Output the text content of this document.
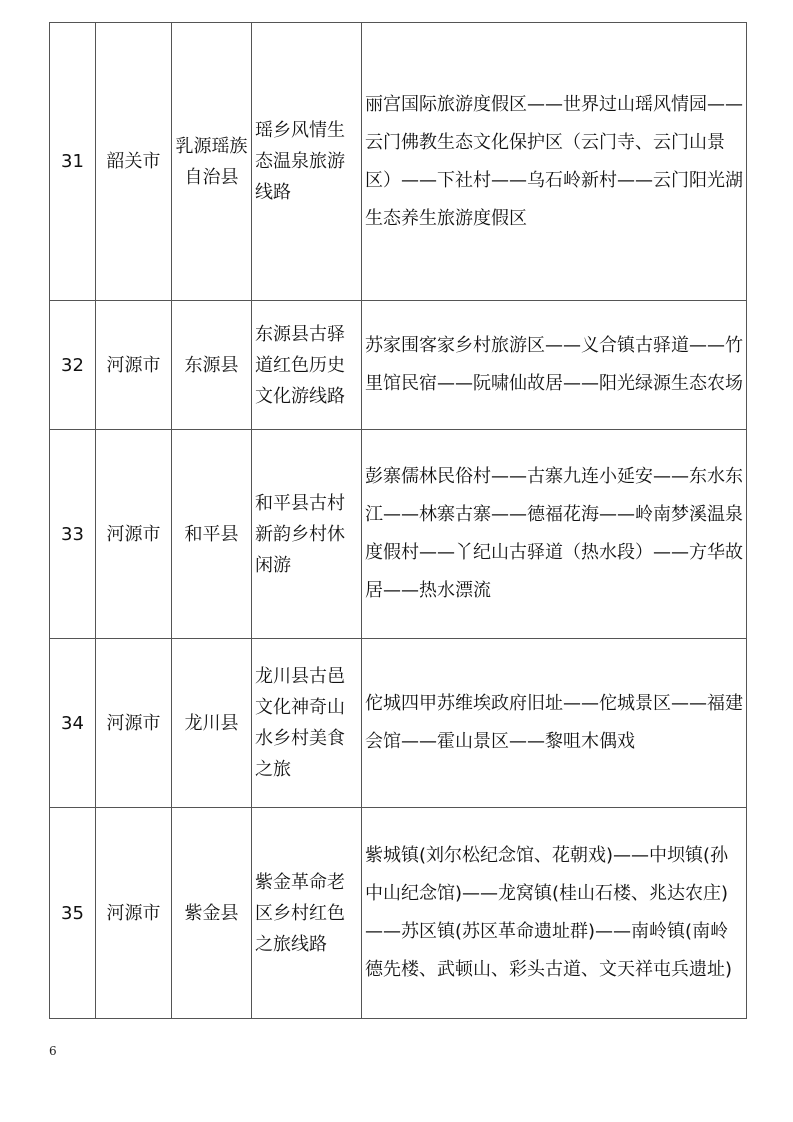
31	韶关市	乳源瑶族自治县	瑶乡风情生态温泉旅游线路	丽宫国际旅游度假区——世界过山瑶风情园——云门佛教生态文化保护区（云门寺、云门山景区）——下社村——乌石岭新村——云门阳光湖生态养生旅游度假区
32	河源市	东源县	东源县古驿道红色历史文化游线路	苏家围客家乡村旅游区——义合镇古驿道——竹里馆民宿——阮啸仙故居——阳光绿源生态农场
33	河源市	和平县	和平县古村新韵乡村休闲游	彭寨儒林民俗村——古寨九连小延安——东水东江——林寨古寨——德福花海——岭南梦溪温泉度假村——丫纪山古驿道（热水段）——方华故居——热水漂流
34	河源市	龙川县	龙川县古邑文化神奇山水乡村美食之旅	佗城四甲苏维埃政府旧址——佗城景区——福建会馆——霍山景区——黎咀木偶戏
35	河源市	紫金县	紫金革命老区乡村红色之旅线路	紫城镇(刘尔松纪念馆、花朝戏)——中坝镇(孙中山纪念馆)——龙窝镇(桂山石楼、兆达农庄)——苏区镇(苏区革命遗址群)——南岭镇(南岭德先楼、武顿山、彩头古道、文天祥屯兵遗址)
6
